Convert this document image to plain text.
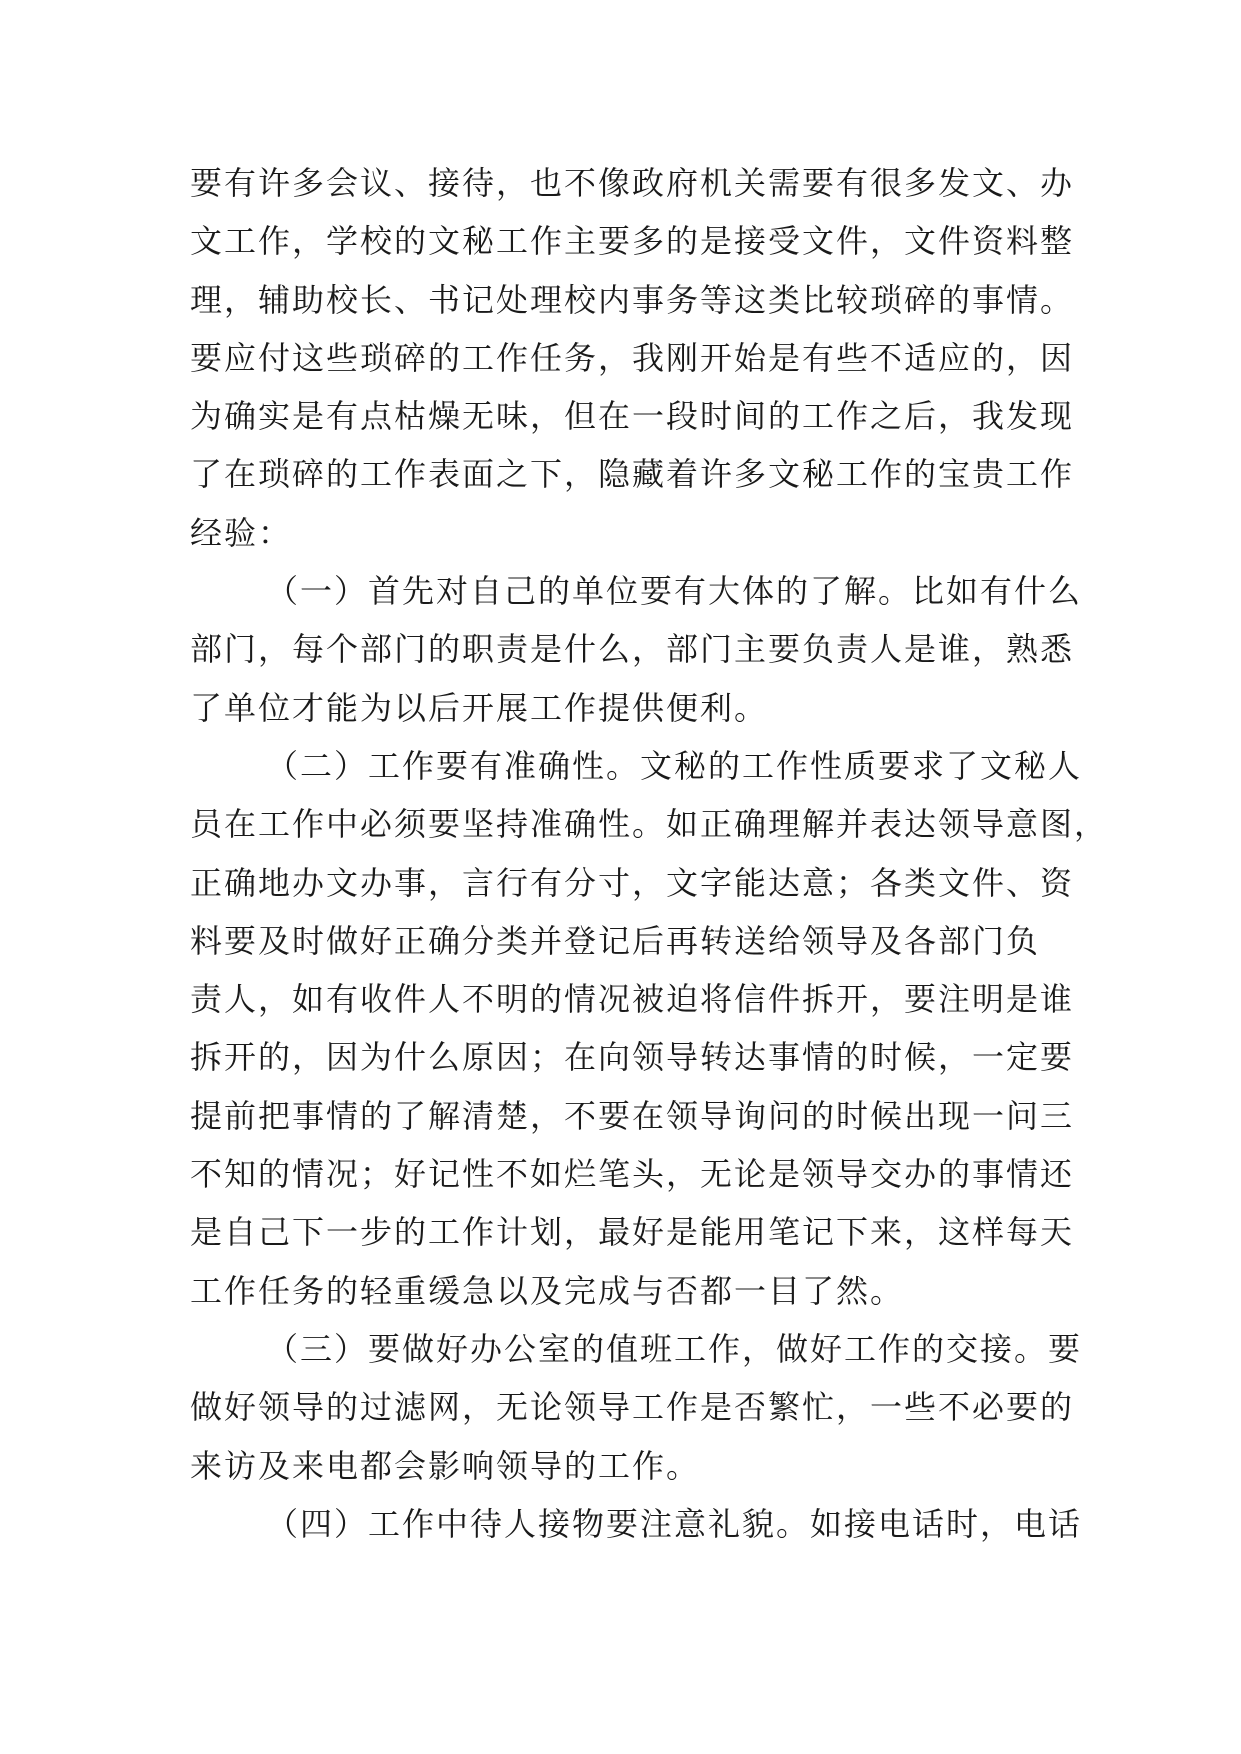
要有许多会议、接待，也不像政府机关需要有很多发文、办
文工作，学校的文秘工作主要多的是接受文件，文件资料整
理，辅助校长、书记处理校内事务等这类比较琐碎的事情。
要应付这些琐碎的工作任务，我刚开始是有些不适应的，因
为确实是有点枯燥无味，但在一段时间的工作之后，我发现
了在琐碎的工作表面之下，隐藏着许多文秘工作的宝贵工作
经验：
（一）首先对自己的单位要有大体的了解。比如有什么
部门，每个部门的职责是什么，部门主要负责人是谁，熟悉
了单位才能为以后开展工作提供便利。
（二）工作要有准确性。文秘的工作性质要求了文秘人
员在工作中必须要坚持准确性。如正确理解并表达领导意图，
正确地办文办事，言行有分寸，文字能达意；各类文件、资
料要及时做好正确分类并登记后再转送给领导及各部门负
责人，如有收件人不明的情况被迫将信件拆开，要注明是谁
拆开的，因为什么原因；在向领导转达事情的时候，一定要
提前把事情的了解清楚，不要在领导询问的时候出现一问三
不知的情况；好记性不如烂笔头，无论是领导交办的事情还
是自己下一步的工作计划，最好是能用笔记下来，这样每天
工作任务的轻重缓急以及完成与否都一目了然。
（三）要做好办公室的值班工作，做好工作的交接。要
做好领导的过滤网，无论领导工作是否繁忙，一些不必要的
来访及来电都会影响领导的工作。
（四）工作中待人接物要注意礼貌。如接电话时，电话
